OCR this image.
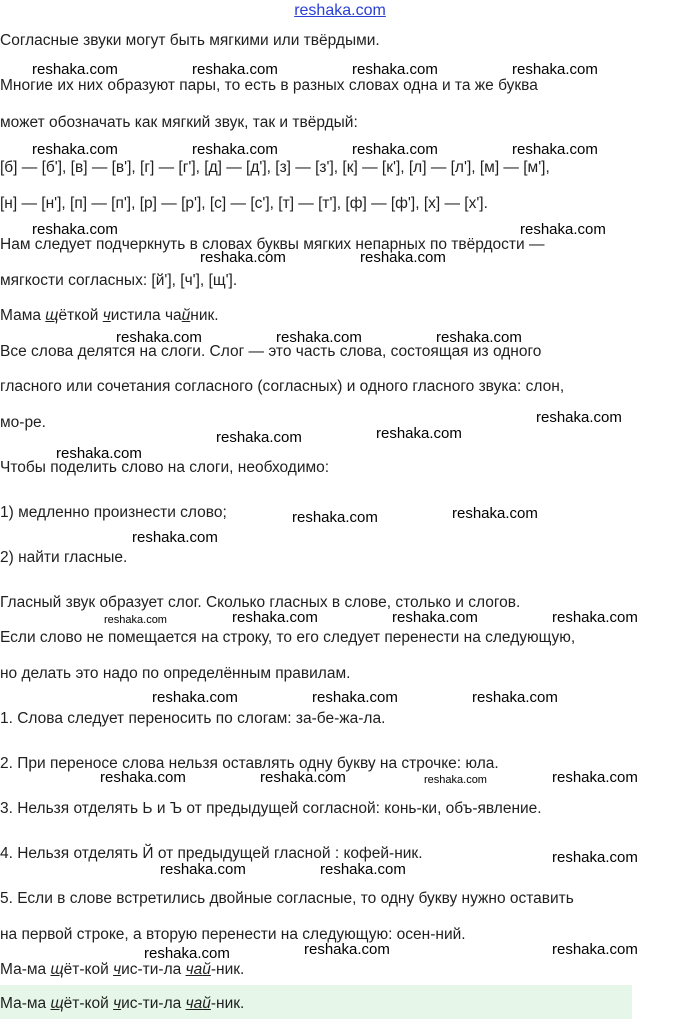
reshaka.com
Согласные звуки могут быть мягкими или твёрдыми.
Многие их них образуют пары, то есть в разных словах одна и та же буква
может обозначать как мягкий звук, так и твёрдый:
[б] — [б'], [в] — [в'], [г] — [г'], [д] — [д'], [з] — [з'], [к] — [к'], [л] — [л'], [м] — [м'],
[н] — [н'], [п] — [п'], [р] — [р'], [с] — [с'], [т] — [т'], [ф] — [ф'], [х] — [х'].
Нам следует подчеркнуть в словах буквы мягких непарных по твёрдости —
мягкости согласных: [й'], [ч'], [щ'].
Мама щёткой чистила чайник.
Все слова делятся на слоги. Слог — это часть слова, состоящая из одного
гласного или сочетания согласного (согласных) и одного гласного звука: слон,
мо-ре.
Чтобы поделить слово на слоги, необходимо:
1) медленно произнести слово;
2) найти гласные.
Гласный звук образует слог. Сколько гласных в слове, столько и слогов.
Если слово не помещается на строку, то его следует перенести на следующую,
но делать это надо по определённым правилам.
1. Слова следует переносить по слогам: за-бе-жа-ла.
2. При переносе слова нельзя оставлять одну букву на строчке: юла.
3. Нельзя отделять Ь и Ъ от предыдущей согласной: конь-ки, объ-явление.
4. Нельзя отделять Й от предыдущей гласной : кофей-ник.
5. Если в слове встретились двойные согласные, то одну букву нужно оставить
на первой строке, а вторую перенести на следующую: осен-ний.
Ма-ма щёт-кой чис-ти-ла чай-ник.
Ма-ма щёт-кой чис-ти-ла чай-ник.
reshaka.com	reshaka.com	reshaka.com	reshaka.com
reshaka.com	reshaka.com	reshaka.com	reshaka.com
reshaka.com	reshaka.com
reshaka.com	reshaka.com
reshaka.com	reshaka.com	reshaka.com
reshaka.com
reshaka.com
reshaka.com
reshaka.com
reshaka.com
reshaka.com
reshaka.com
reshaka.com	reshaka.com	reshaka.com	reshaka.com
reshaka.com	reshaka.com	reshaka.com
reshaka.com	reshaka.com	reshaka.com	reshaka.com
reshaka.com
reshaka.com	reshaka.com
reshaka.com	reshaka.com
reshaka.com
